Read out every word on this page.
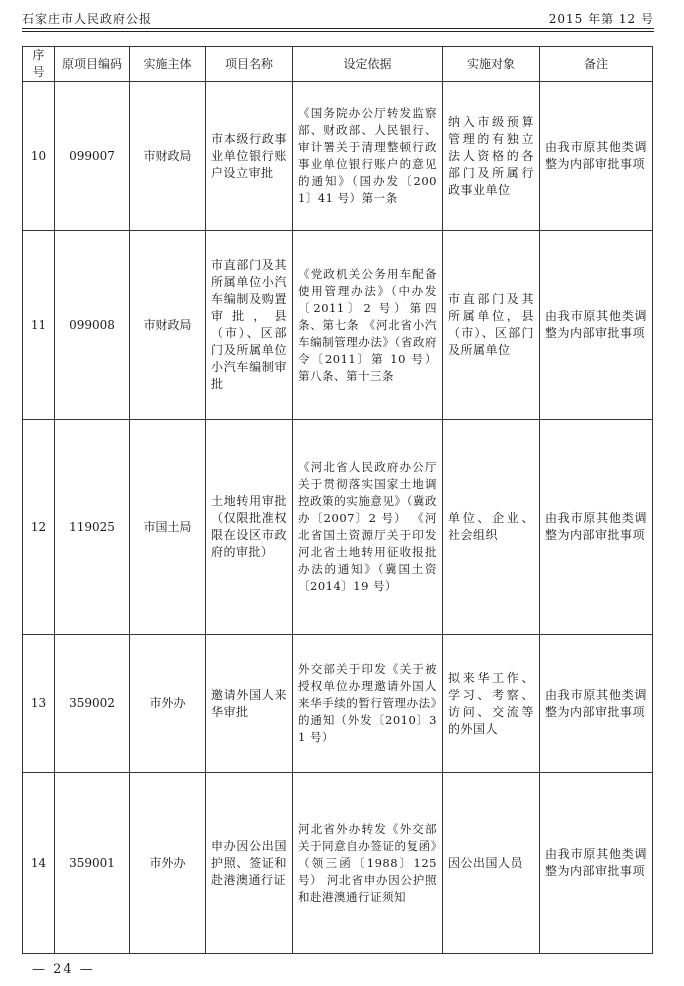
石家庄市人民政府公报	2015 年第 12 号
序号	原项目编码	实施主体	项目名称	设定依据	实施对象	备注
10	099007	市财政局	市本级行政事业单位银行账户设立审批	《国务院办公厅转发监察部、财政部、人民银行、审计署关于清理整顿行政事业单位银行账户的意见的通知》（国办发〔2001〕41 号）第一条	纳入市级预算管理的有独立法人资格的各部门及所属行政事业单位	由我市原其他类调整为内部审批事项
11	099008	市财政局	市直部门及其所属单位小汽车编制及购置审批，县（市）、区部门及所属单位小汽车编制审批	《党政机关公务用车配备使用管理办法》（中办发〔2011〕2 号）第四条、第七条 《河北省小汽车编制管理办法》（省政府令〔2011〕第 10 号）第八条、第十三条	市直部门及其所属单位，县（市）、区部门及所属单位	由我市原其他类调整为内部审批事项
12	119025	市国土局	土地转用审批（仅限批准权限在设区市政府的审批）	《河北省人民政府办公厅关于贯彻落实国家土地调控政策的实施意见》（冀政办〔2007〕2 号） 《河北省国土资源厅关于印发河北省土地转用征收报批办法的通知》（冀国土资〔2014〕19 号）	单位、企业、社会组织	由我市原其他类调整为内部审批事项
13	359002	市外办	邀请外国人来华审批	外交部关于印发《关于被授权单位办理邀请外国人来华手续的暂行管理办法》的通知（外发〔2010〕31 号）	拟来华工作、学习、考察、访问、交流等的外国人	由我市原其他类调整为内部审批事项
14	359001	市外办	申办因公出国护照、签证和赴港澳通行证	河北省外办转发《外交部关于同意自办签证的复函》（领三函〔1988〕125 号） 河北省申办因公护照和赴港澳通行证须知	因公出国人员	由我市原其他类调整为内部审批事项
— 24 —
